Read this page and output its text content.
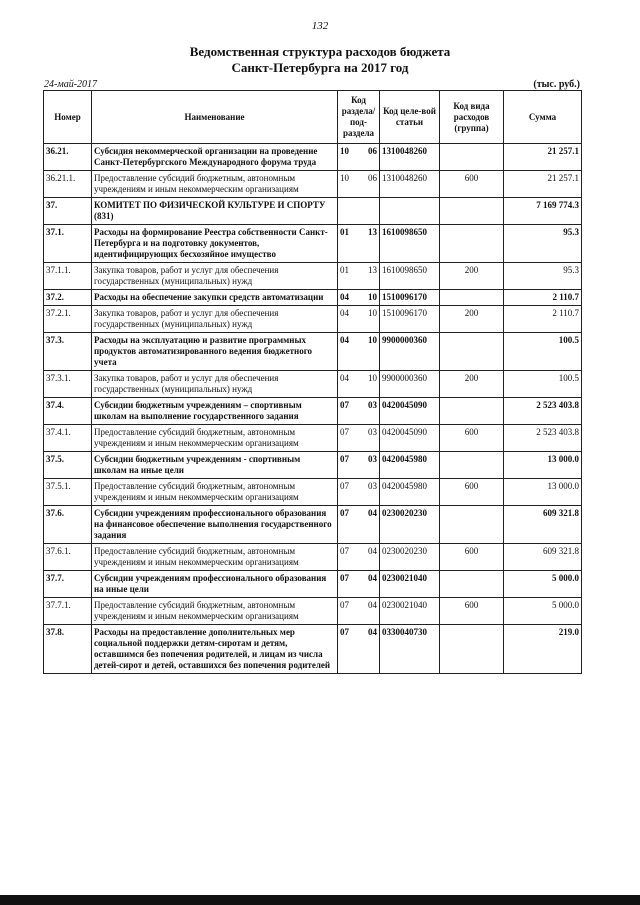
132
Ведомственная структура расходов бюджета
Санкт-Петербурга на 2017 год
24-май-2017	(тыс. руб.)
Номер	Наименование	Код раздела/ под-раздела	Код целе-вой статьи	Код вида расходов (группа)	Сумма
36.21.	Субсидия некоммерческой организации на проведение Санкт-Петербургского Международного форума труда	10 06	1310048260		21 257.1
36.21.1.	Предоставление субсидий бюджетным, автономным учреждениям и иным некоммерческим организациям	10 06	1310048260	600	21 257.1
37.	КОМИТЕТ ПО ФИЗИЧЕСКОЙ КУЛЬТУРЕ И СПОРТУ (831)				7 169 774.3
37.1.	Расходы на формирование Реестра собственности Санкт-Петербурга и на подготовку документов, идентифицирующих бесхозяйное имущество	01 13	1610098650		95.3
37.1.1.	Закупка товаров, работ и услуг для обеспечения государственных (муниципальных) нужд	01 13	1610098650	200	95.3
37.2.	Расходы на обеспечение закупки средств автоматизации	04 10	1510096170		2 110.7
37.2.1.	Закупка товаров, работ и услуг для обеспечения государственных (муниципальных) нужд	04 10	1510096170	200	2 110.7
37.3.	Расходы на эксплуатацию и развитие программных продуктов автоматизированного ведения бюджетного учета	04 10	9900000360		100.5
37.3.1.	Закупка товаров, работ и услуг для обеспечения государственных (муниципальных) нужд	04 10	9900000360	200	100.5
37.4.	Субсидии бюджетным учреждениям – спортивным школам на выполнение государственного задания	07 03	0420045090		2 523 403.8
37.4.1.	Предоставление субсидий бюджетным, автономным учреждениям и иным некоммерческим организациям	07 03	0420045090	600	2 523 403.8
37.5.	Субсидии бюджетным учреждениям - спортивным школам на иные цели	07 03	0420045980		13 000.0
37.5.1.	Предоставление субсидий бюджетным, автономным учреждениям и иным некоммерческим организациям	07 03	0420045980	600	13 000.0
37.6.	Субсидии учреждениям профессионального образования на финансовое обеспечение выполнения государственного задания	07 04	0230020230		609 321.8
37.6.1.	Предоставление субсидий бюджетным, автономным учреждениям и иным некоммерческим организациям	07 04	0230020230	600	609 321.8
37.7.	Субсидии учреждениям профессионального образования на иные цели	07 04	0230021040		5 000.0
37.7.1.	Предоставление субсидий бюджетным, автономным учреждениям и иным некоммерческим организациям	07 04	0230021040	600	5 000.0
37.8.	Расходы на предоставление дополнительных мер социальной поддержки детям-сиротам и детям, оставшимся без попечения родителей, и лицам из числа детей-сирот и детей, оставшихся без попечения родителей	07 04	0330040730		219.0
